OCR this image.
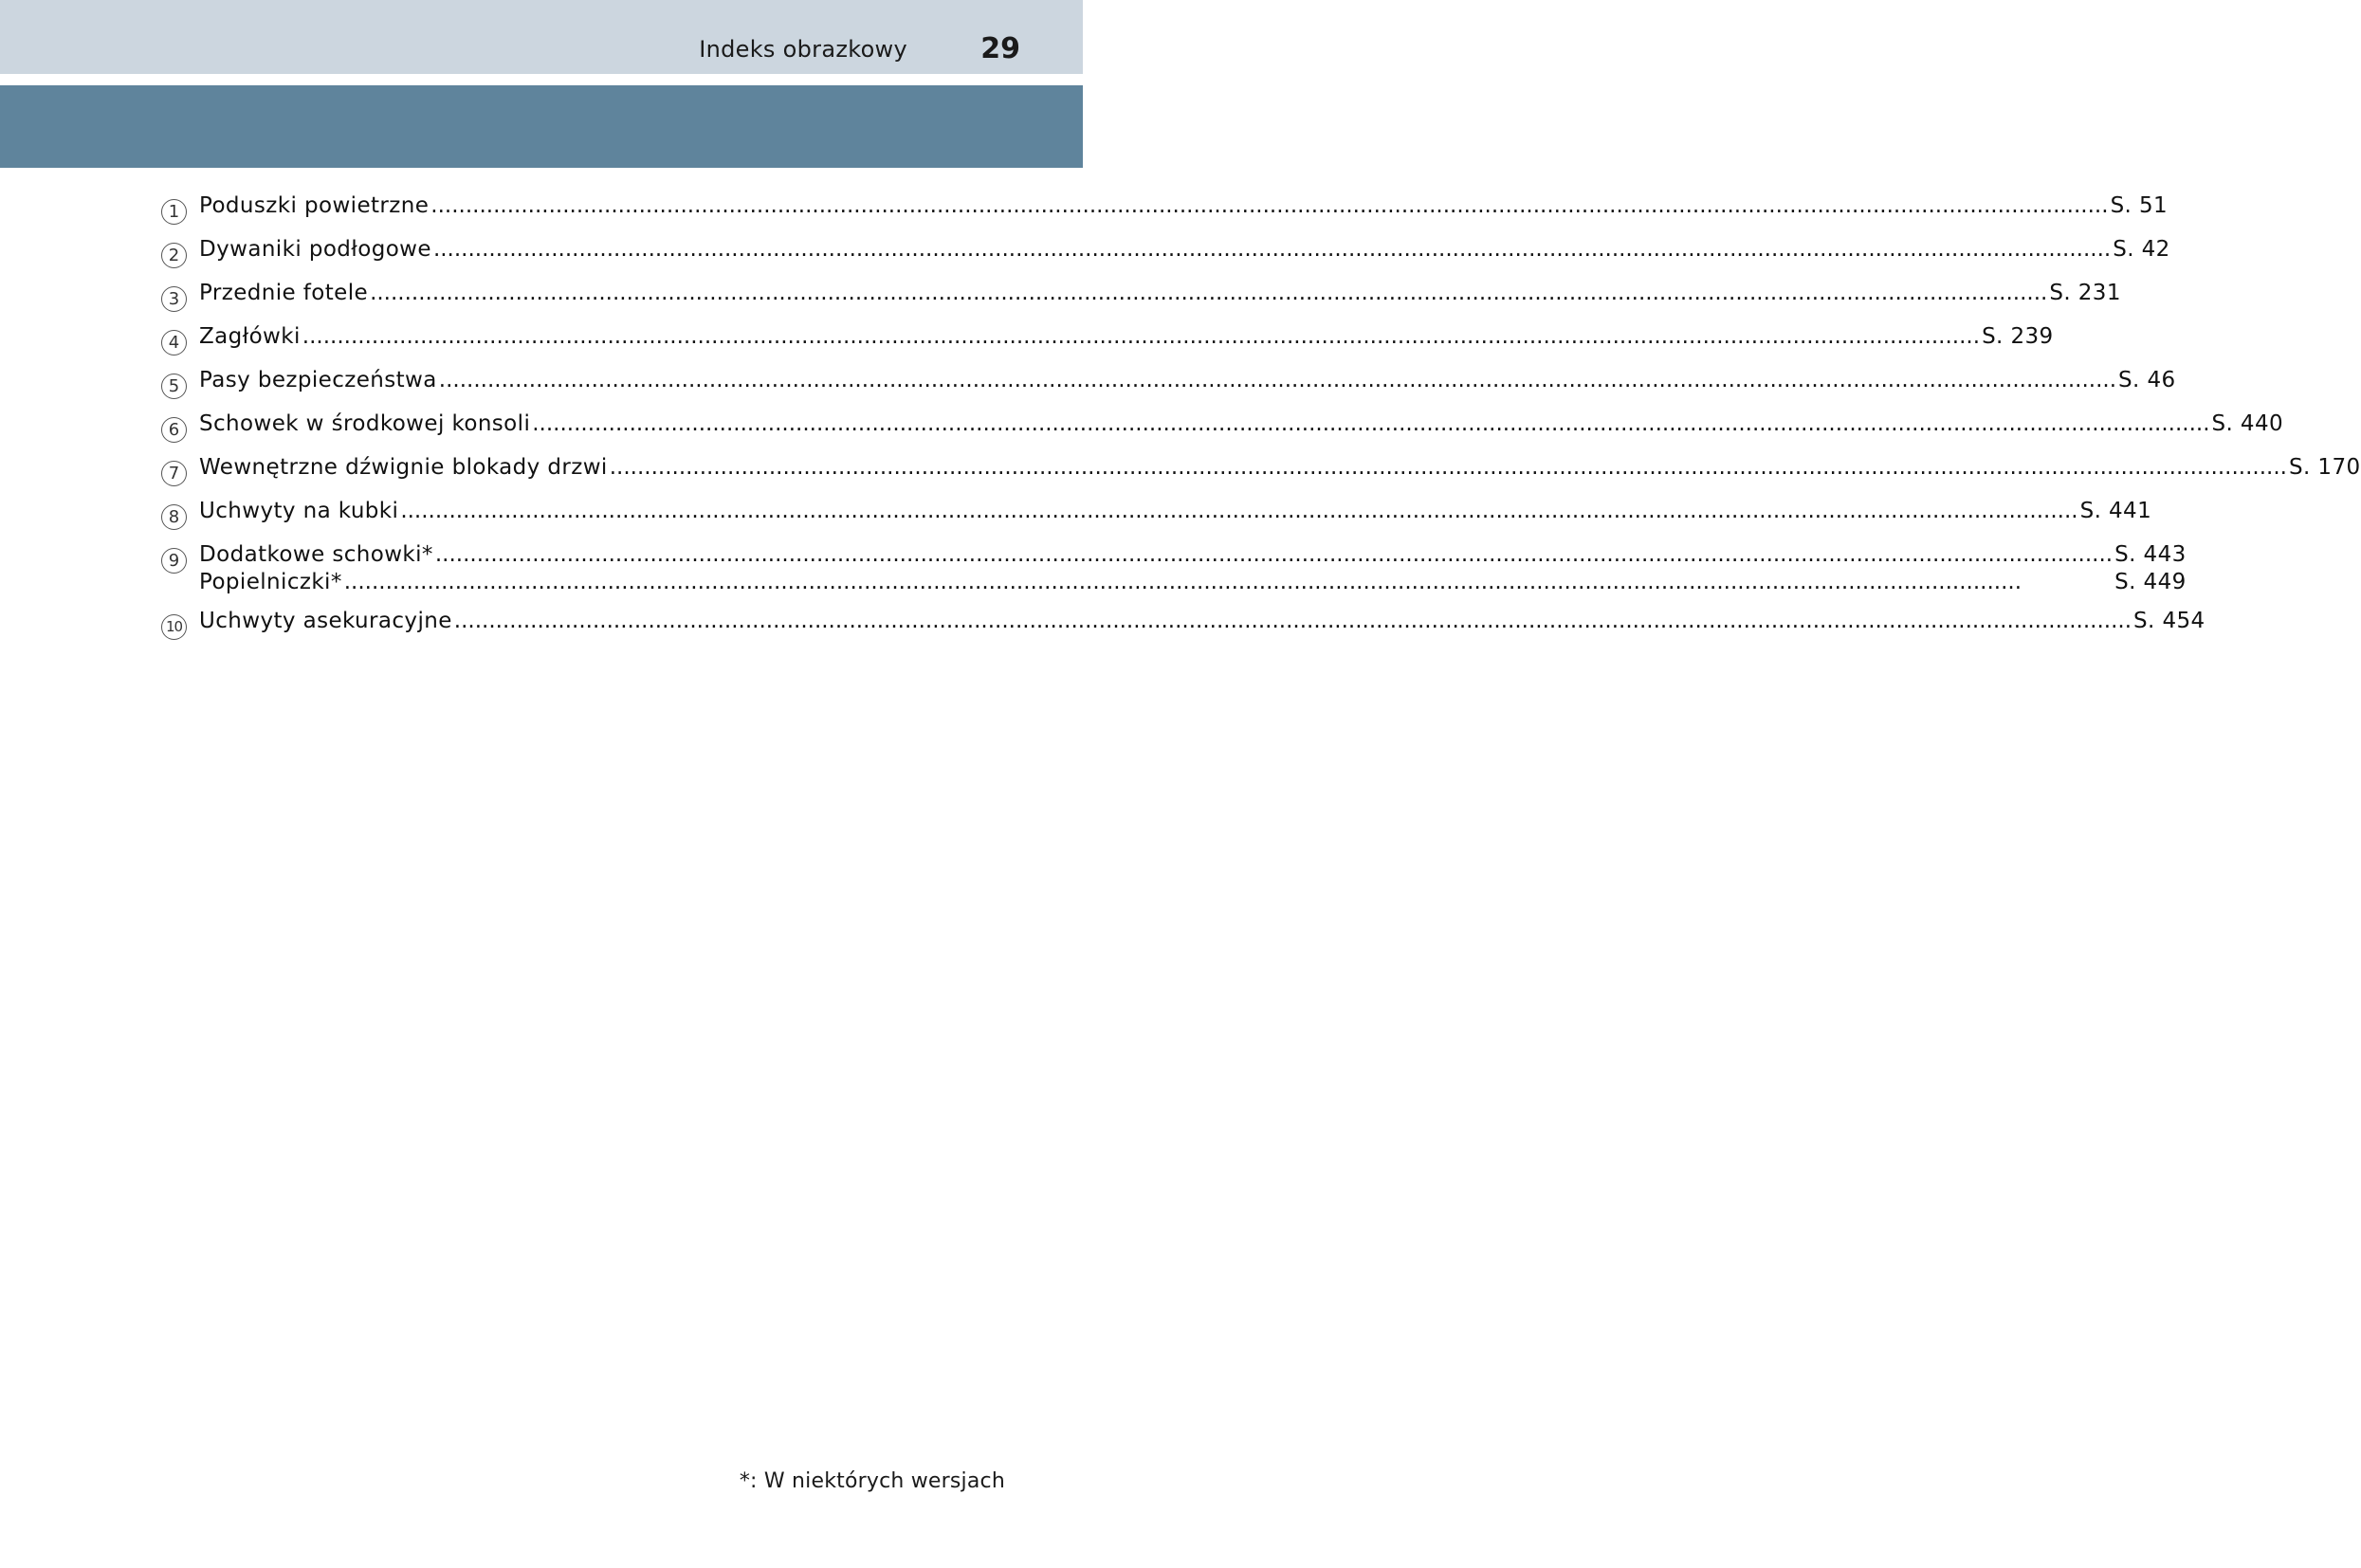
Indeks obrazkowy	29
1 Poduszki powietrzne .....	S. 51
2 Dywaniki podłogowe .....	S. 42
3 Przednie fotele .....	S. 231
4 Zagłówki .....	S. 239
5 Pasy bezpieczeństwa .....	S. 46
6 Schowek w środkowej konsoli .....	S. 440
7 Wewnętrzne dźwignie blokady drzwi .....	S. 170
8 Uchwyty na kubki .....	S. 441
9 Dodatkowe schowki* .....	S. 443
Popielniczki* .....	S. 449
10 Uchwyty asekuracyjne .....	S. 454
*: W niektórych wersjach
